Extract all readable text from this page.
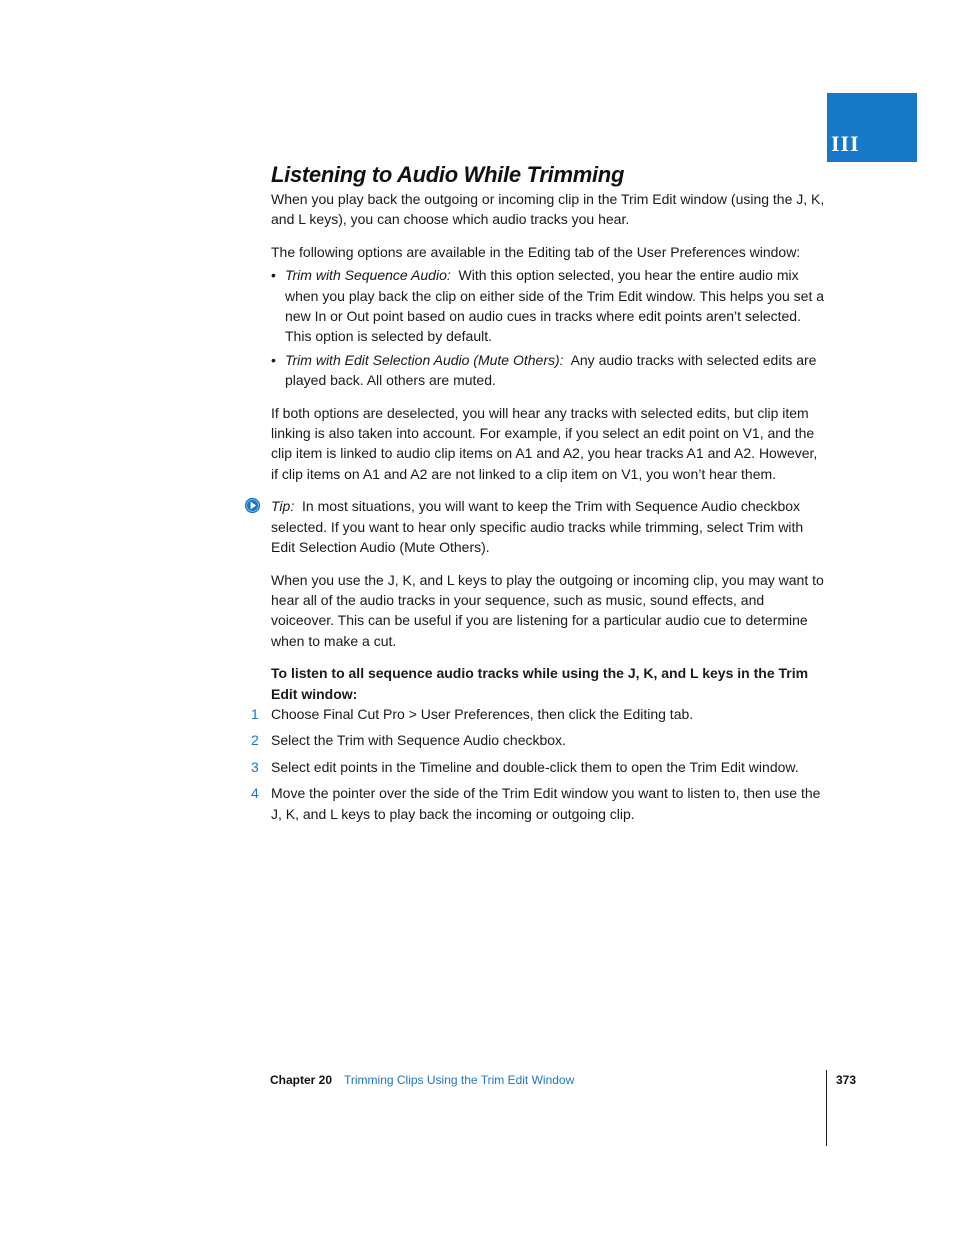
III
Listening to Audio While Trimming

When you play back the outgoing or incoming clip in the Trim Edit window (using the J, K, and L keys), you can choose which audio tracks you hear.

The following options are available in the Editing tab of the User Preferences window:

• Trim with Sequence Audio: With this option selected, you hear the entire audio mix when you play back the clip on either side of the Trim Edit window. This helps you set a new In or Out point based on audio cues in tracks where edit points aren’t selected. This option is selected by default.
• Trim with Edit Selection Audio (Mute Others): Any audio tracks with selected edits are played back. All others are muted.

If both options are deselected, you will hear any tracks with selected edits, but clip item linking is also taken into account. For example, if you select an edit point on V1, and the clip item is linked to audio clip items on A1 and A2, you hear tracks A1 and A2. However, if clip items on A1 and A2 are not linked to a clip item on V1, you won’t hear them.

Tip: In most situations, you will want to keep the Trim with Sequence Audio checkbox selected. If you want to hear only specific audio tracks while trimming, select Trim with Edit Selection Audio (Mute Others).

When you use the J, K, and L keys to play the outgoing or incoming clip, you may want to hear all of the audio tracks in your sequence, such as music, sound effects, and voiceover. This can be useful if you are listening for a particular audio cue to determine when to make a cut.

To listen to all sequence audio tracks while using the J, K, and L keys in the Trim Edit window:

1 Choose Final Cut Pro > User Preferences, then click the Editing tab.
2 Select the Trim with Sequence Audio checkbox.
3 Select edit points in the Timeline and double-click them to open the Trim Edit window.
4 Move the pointer over the side of the Trim Edit window you want to listen to, then use the J, K, and L keys to play back the incoming or outgoing clip.
Chapter 20 Trimming Clips Using the Trim Edit Window	373
